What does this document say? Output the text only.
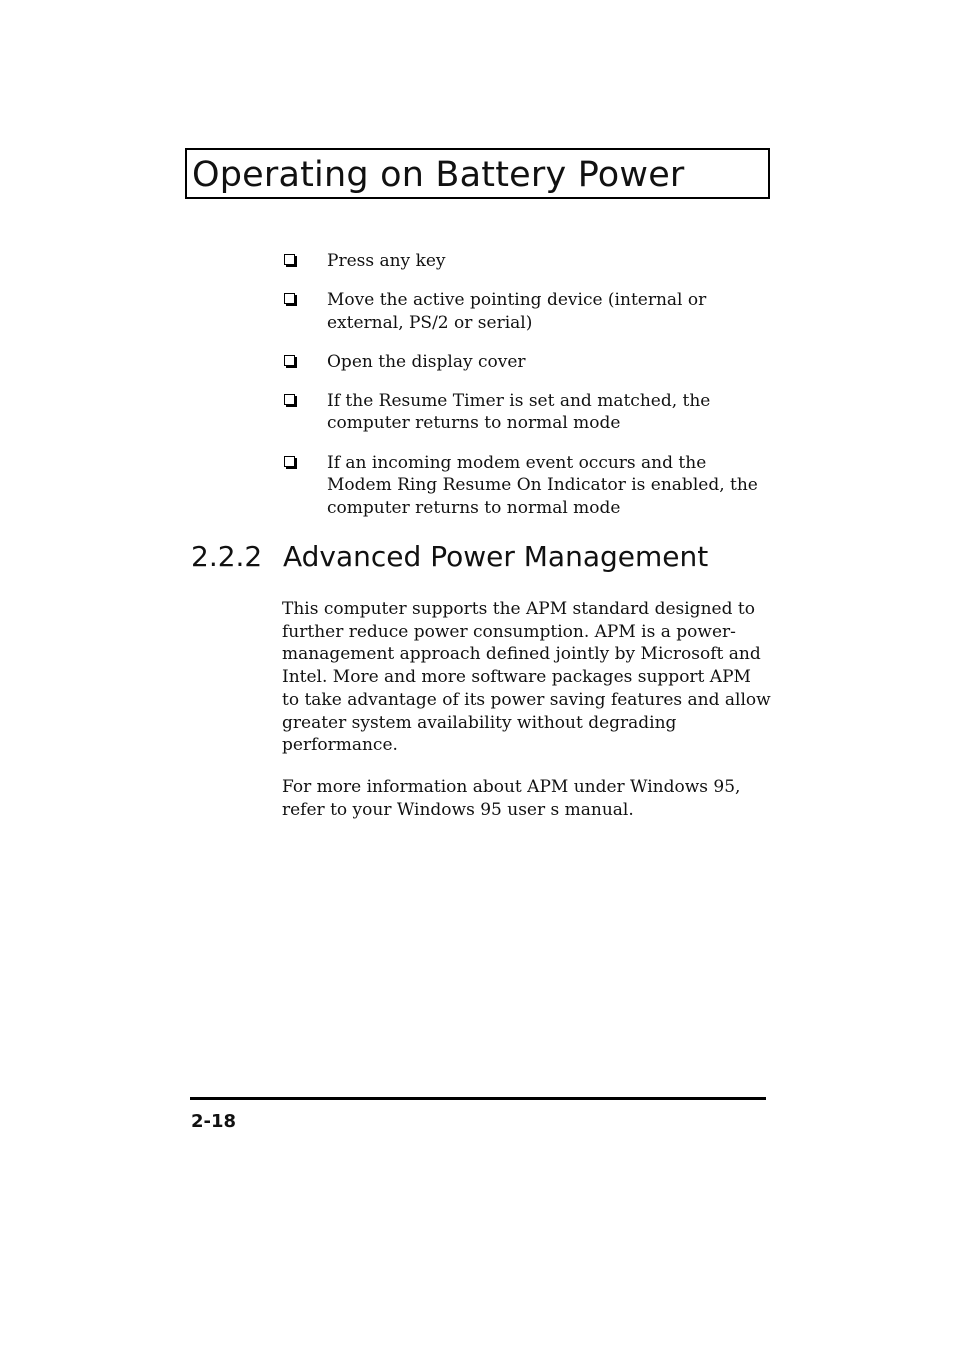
Operating on Battery Power
Press any key
Move the active pointing device (internal or external, PS/2 or serial)
Open the display cover
If the Resume Timer is set and matched, the computer returns to normal mode
If an incoming modem event occurs and the Modem Ring Resume On Indicator is enabled, the computer returns to normal mode
2.2.2 Advanced Power Management

This computer supports the APM standard designed to further reduce power consumption. APM is a power-management approach defined jointly by Microsoft and Intel. More and more software packages support APM to take advantage of its power saving features and allow greater system availability without degrading performance.

For more information about APM under Windows 95, refer to your Windows 95 user s manual.

2-18
